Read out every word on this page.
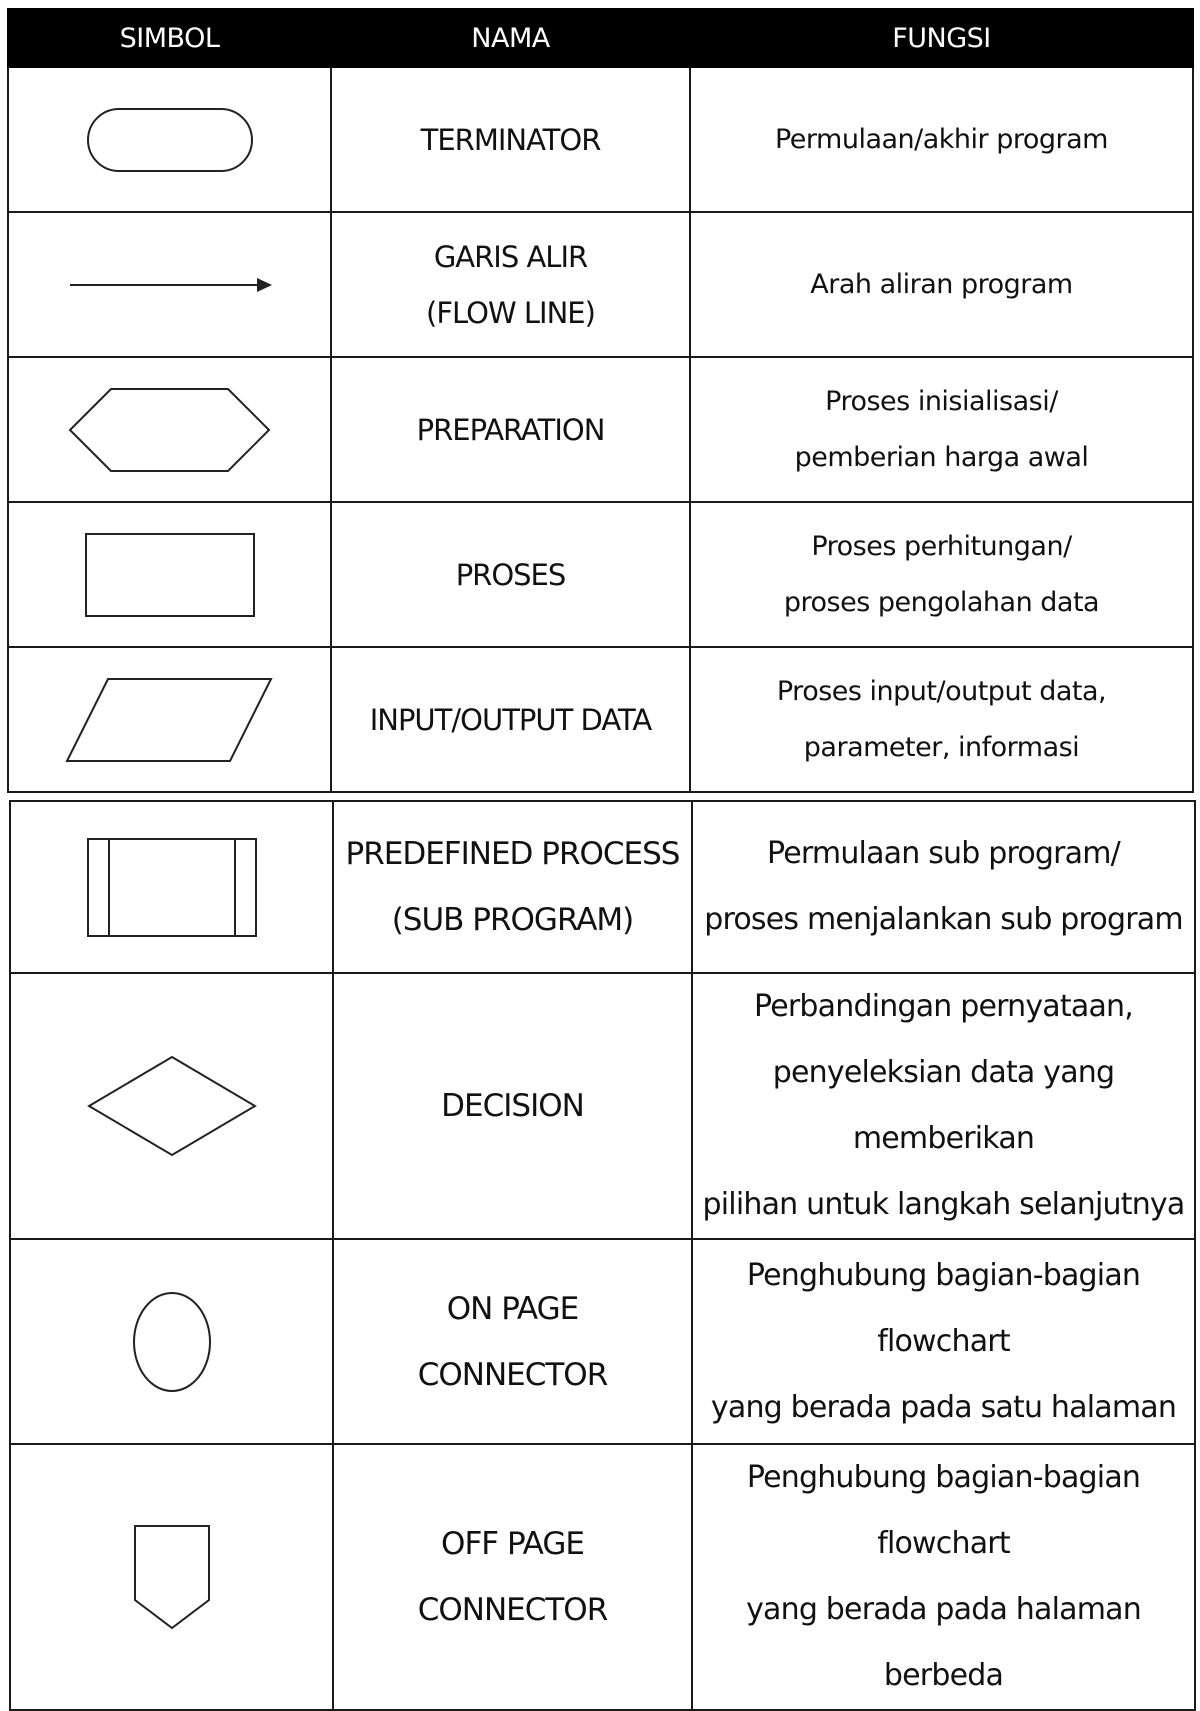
SIMBOL	NAMA	FUNGSI

TERMINATOR	Permulaan/akhir program

GARIS ALIR
(FLOW LINE)	Arah aliran program

PREPARATION	Proses inisialisasi/
pemberian harga awal

PROSES	Proses perhitungan/
proses pengolahan data

INPUT/OUTPUT DATA	Proses input/output data,
parameter, informasi

PREDEFINED PROCESS
(SUB PROGRAM)	Permulaan sub program/
proses menjalankan sub program

DECISION	Perbandingan pernyataan,
penyeleksian data yang memberikan
pilihan untuk langkah selanjutnya

ON PAGE
CONNECTOR	Penghubung bagian-bagian
flowchart
yang berada pada satu halaman

OFF PAGE
CONNECTOR	Penghubung bagian-bagian
flowchart
yang berada pada halaman berbeda
